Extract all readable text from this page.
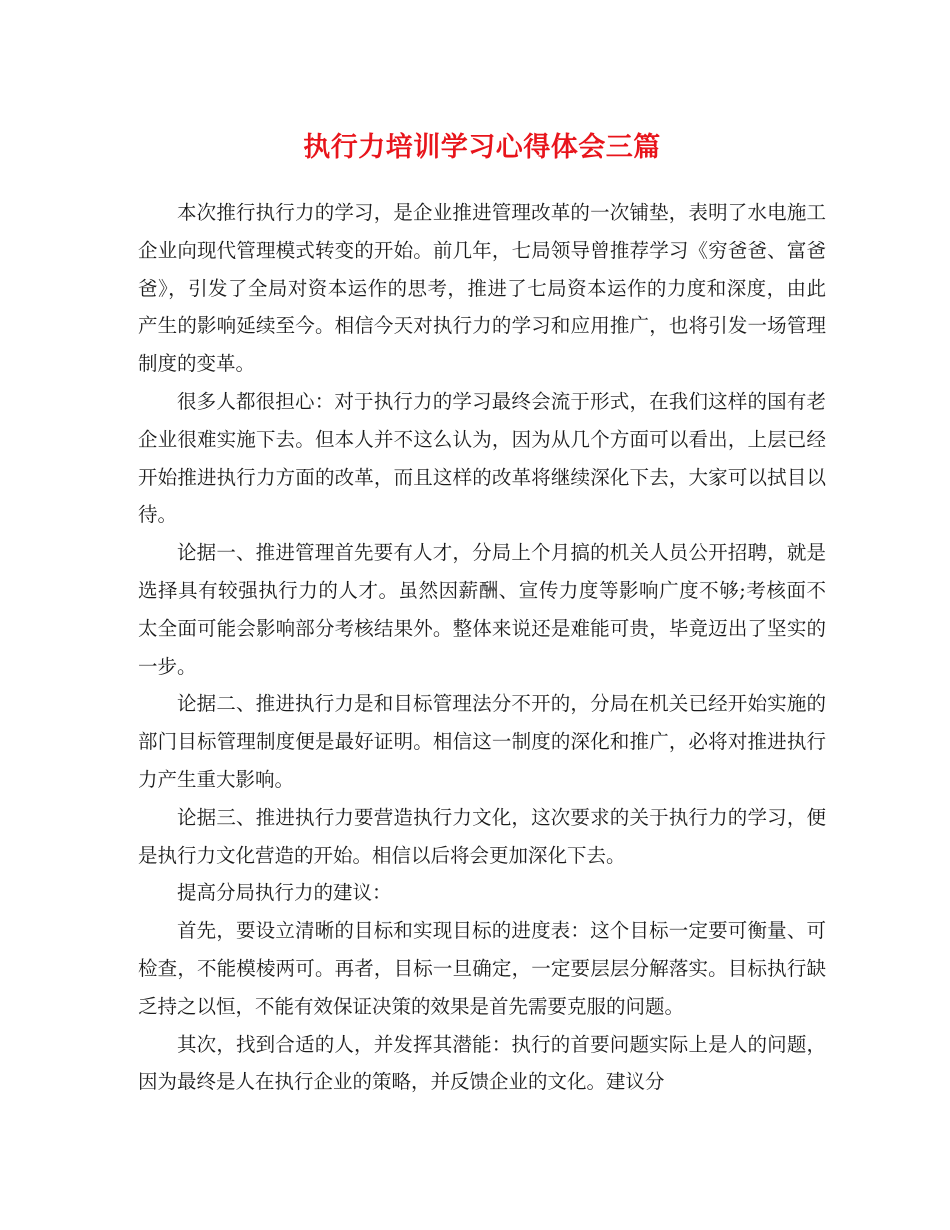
执行力培训学习心得体会三篇

本次推行执行力的学习，是企业推进管理改革的一次铺垫，表明了水电施工企业向现代管理模式转变的开始。前几年，七局领导曾推荐学习《穷爸爸、富爸爸》，引发了全局对资本运作的思考，推进了七局资本运作的力度和深度，由此产生的影响延续至今。相信今天对执行力的学习和应用推广，也将引发一场管理制度的变革。

很多人都很担心：对于执行力的学习最终会流于形式，在我们这样的国有老企业很难实施下去。但本人并不这么认为，因为从几个方面可以看出，上层已经开始推进执行力方面的改革，而且这样的改革将继续深化下去，大家可以拭目以待。

论据一、推进管理首先要有人才，分局上个月搞的机关人员公开招聘，就是选择具有较强执行力的人才。虽然因薪酬、宣传力度等影响广度不够;考核面不太全面可能会影响部分考核结果外。整体来说还是难能可贵，毕竟迈出了坚实的一步。

论据二、推进执行力是和目标管理法分不开的，分局在机关已经开始实施的部门目标管理制度便是最好证明。相信这一制度的深化和推广，必将对推进执行力产生重大影响。

论据三、推进执行力要营造执行力文化，这次要求的关于执行力的学习，便是执行力文化营造的开始。相信以后将会更加深化下去。

提高分局执行力的建议：

首先，要设立清晰的目标和实现目标的进度表：这个目标一定要可衡量、可检查，不能模棱两可。再者，目标一旦确定，一定要层层分解落实。目标执行缺乏持之以恒，不能有效保证决策的效果是首先需要克服的问题。

其次，找到合适的人，并发挥其潜能：执行的首要问题实际上是人的问题，因为最终是人在执行企业的策略，并反馈企业的文化。建议分
